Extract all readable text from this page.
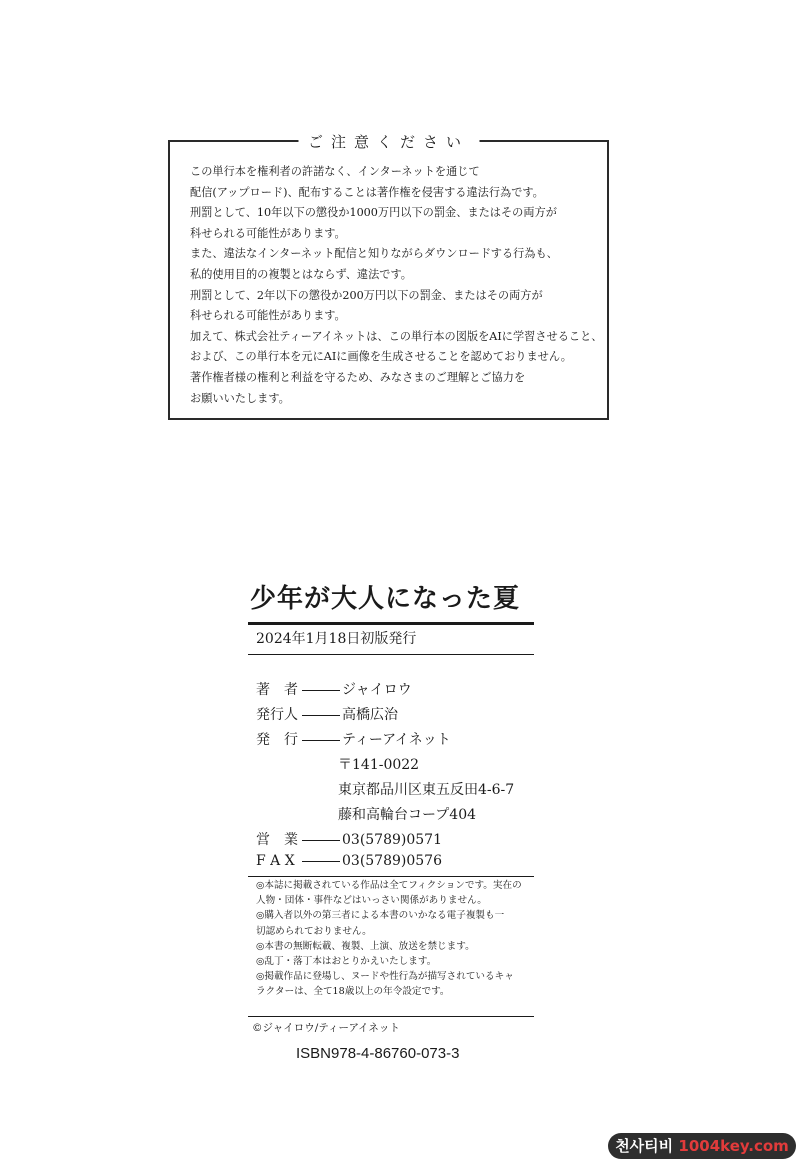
ご注意ください
この単行本を権利者の許諾なく、インターネットを通じて
配信(アップロード)、配布することは著作権を侵害する違法行為です。
刑罰として、10年以下の懲役か1000万円以下の罰金、またはその両方が
科せられる可能性があります。
また、違法なインターネット配信と知りながらダウンロードする行為も、
私的使用目的の複製とはならず、違法です。
刑罰として、2年以下の懲役か200万円以下の罰金、またはその両方が
科せられる可能性があります。
加えて、株式会社ティーアイネットは、この単行本の図版をAIに学習させること、
および、この単行本を元にAIに画像を生成させることを認めておりません。
著作権者様の権利と利益を守るため、みなさまのご理解とご協力を
お願いいたします。
少年が大人になった夏
2024年1月18日初版発行
著　者	ジャイロウ
発行人	高橋広治
発　行	ティーアイネット
〒141-0022
東京都品川区東五反田4-6-7
藤和高輪台コープ404
営　業	03(5789)0571
F A X	03(5789)0576
◎本誌に掲載されている作品は全てフィクションです。実在の
人物・団体・事件などはいっさい関係がありません。
◎購入者以外の第三者による本書のいかなる電子複製も一
切認められておりません。
◎本書の無断転載、複製、上演、放送を禁じます。
◎乱丁・落丁本はおとりかえいたします。
◎掲載作品に登場し、ヌードや性行為が描写されているキャ
ラクターは、全て18歳以上の年令設定です。
©ジャイロウ/ティーアイネット
ISBN978-4-86760-073-3
천사티비 1004key.com
